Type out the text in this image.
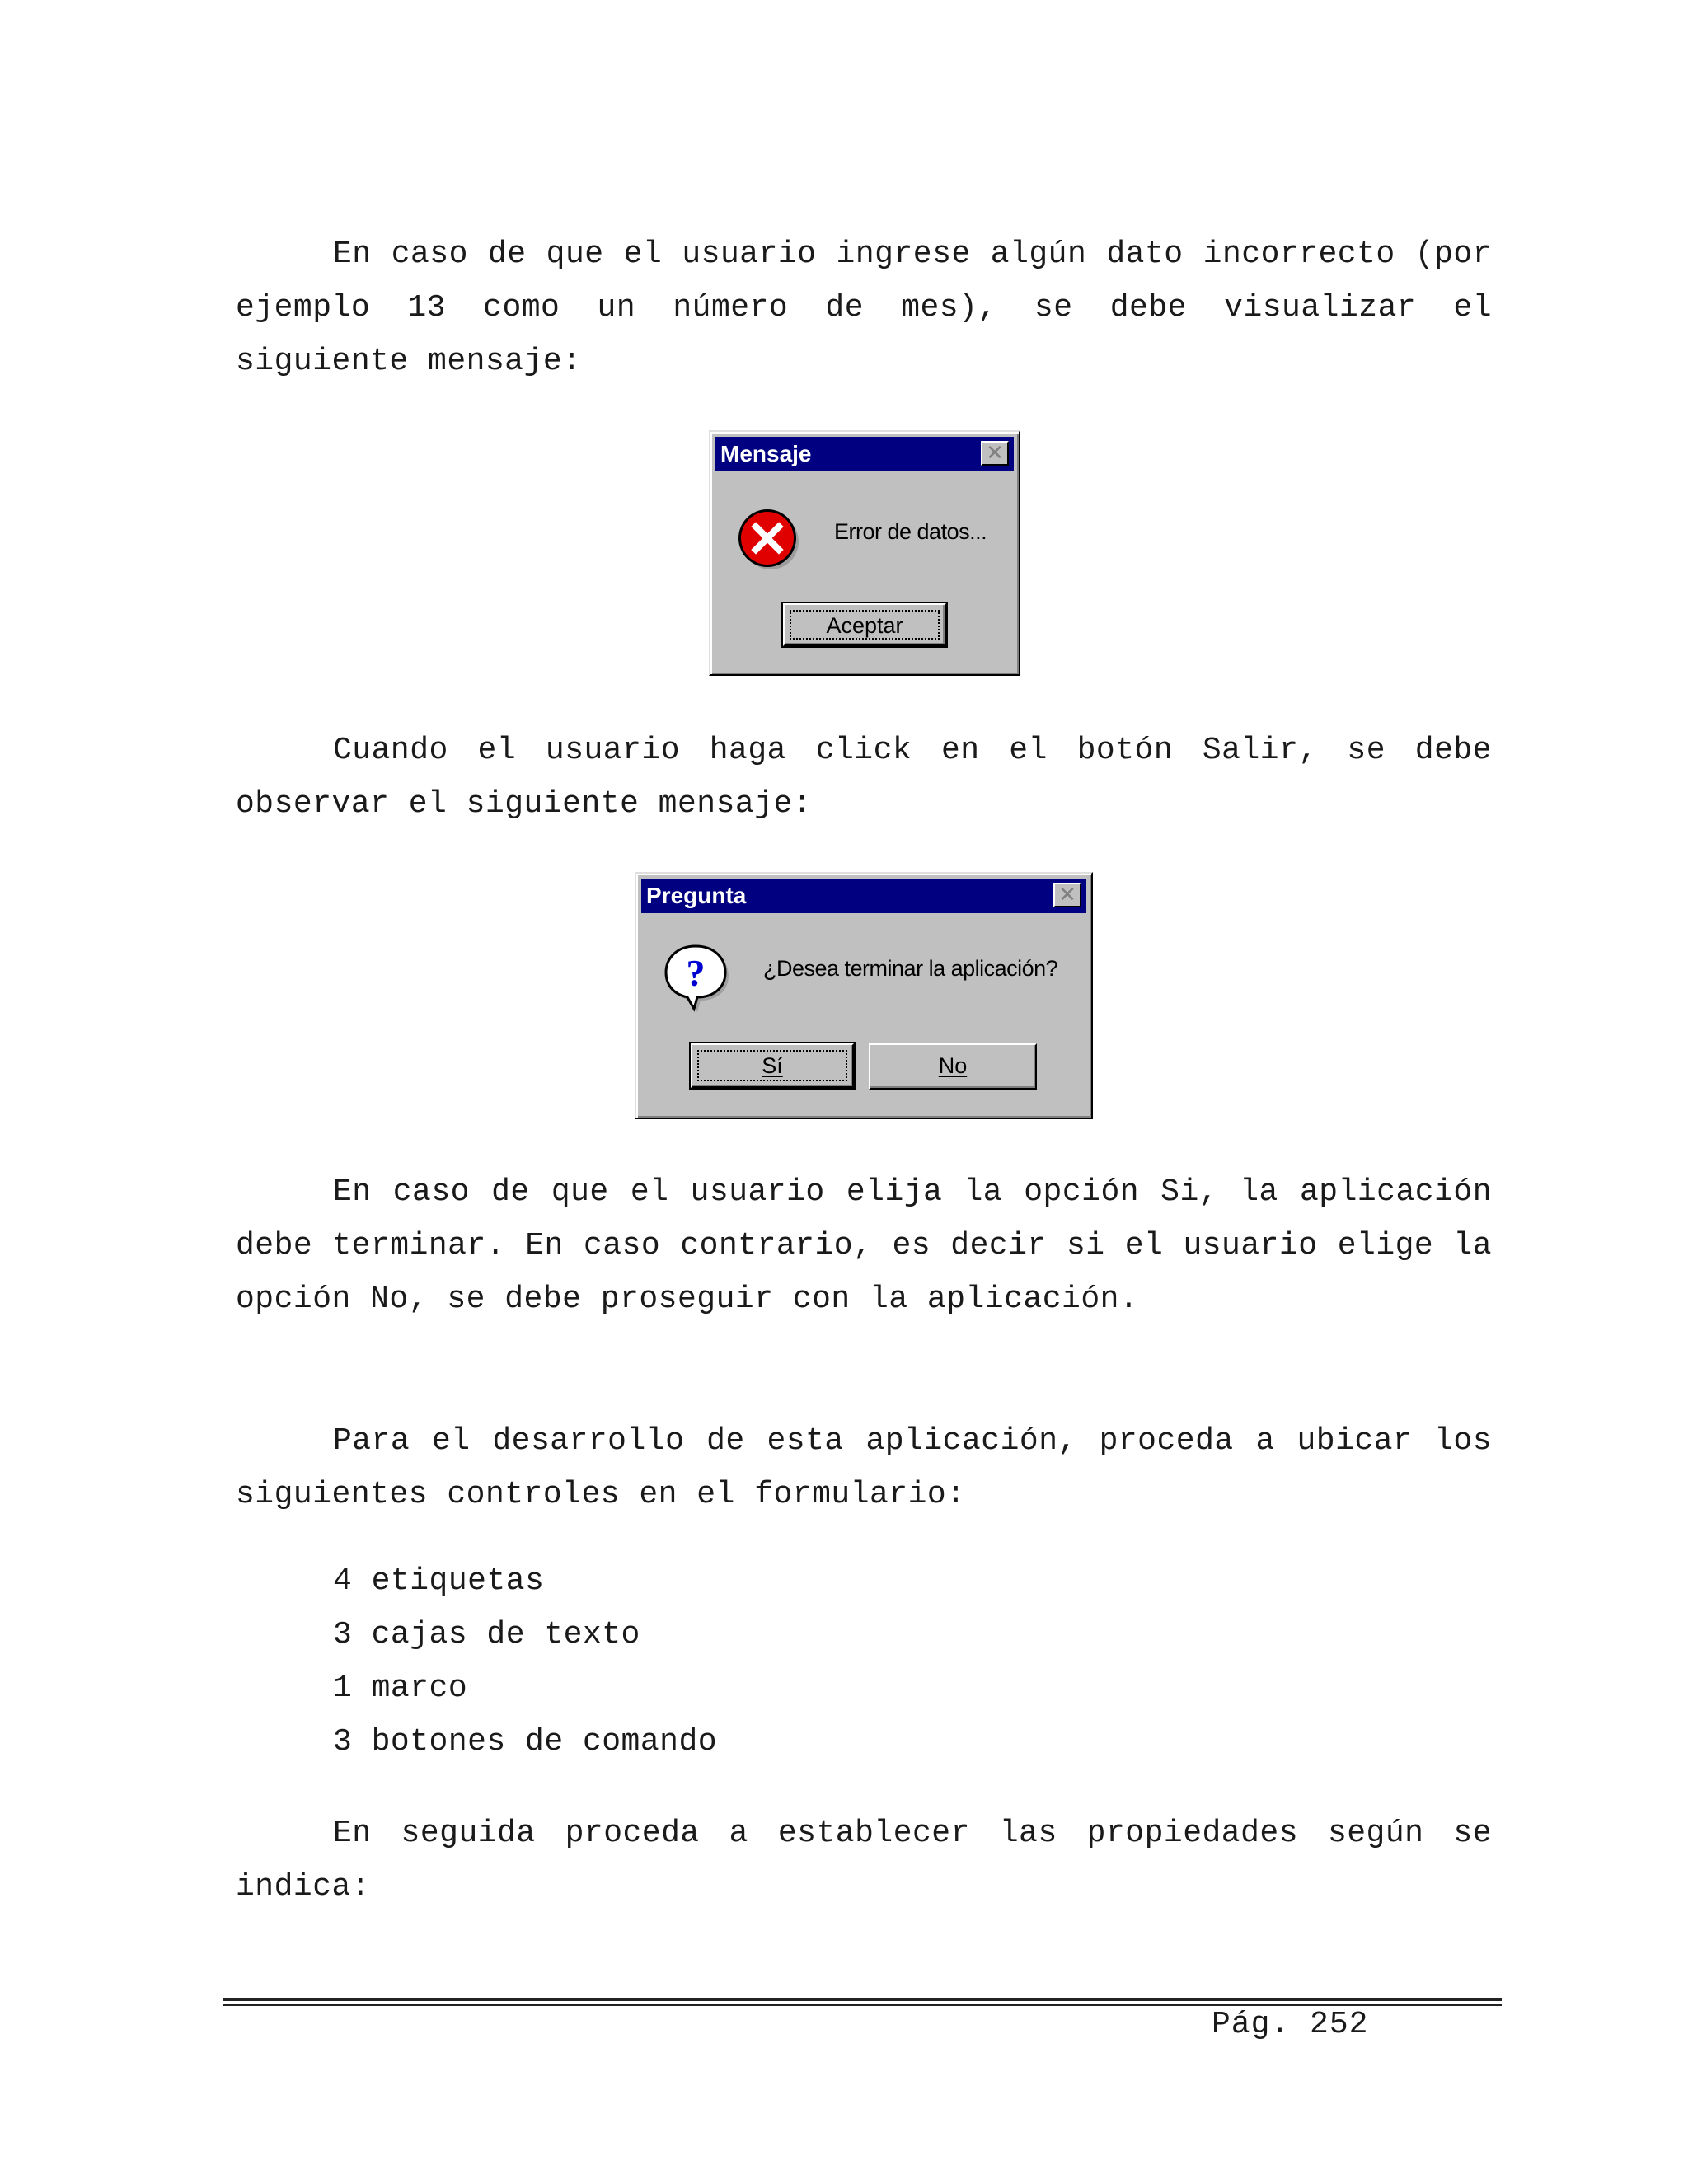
En caso de que el usuario ingrese algún dato incorrecto (por ejemplo 13 como un número de mes), se debe visualizar el siguiente mensaje:

Mensaje	✕
Error de datos...
Aceptar

Cuando el usuario haga click en el botón Salir, se debe observar el siguiente mensaje:

Pregunta	✕
?	¿Desea terminar la aplicación?
Sí	No

En caso de que el usuario elija la opción Si, la aplicación debe terminar. En caso contrario, es decir si el usuario elige la opción No, se debe proseguir con la aplicación.

Para el desarrollo de esta aplicación, proceda a ubicar los siguientes controles en el formulario:

4 etiquetas
3 cajas de texto
1 marco
3 botones de comando

En seguida proceda a establecer las propiedades según se indica:

Pág. 252
